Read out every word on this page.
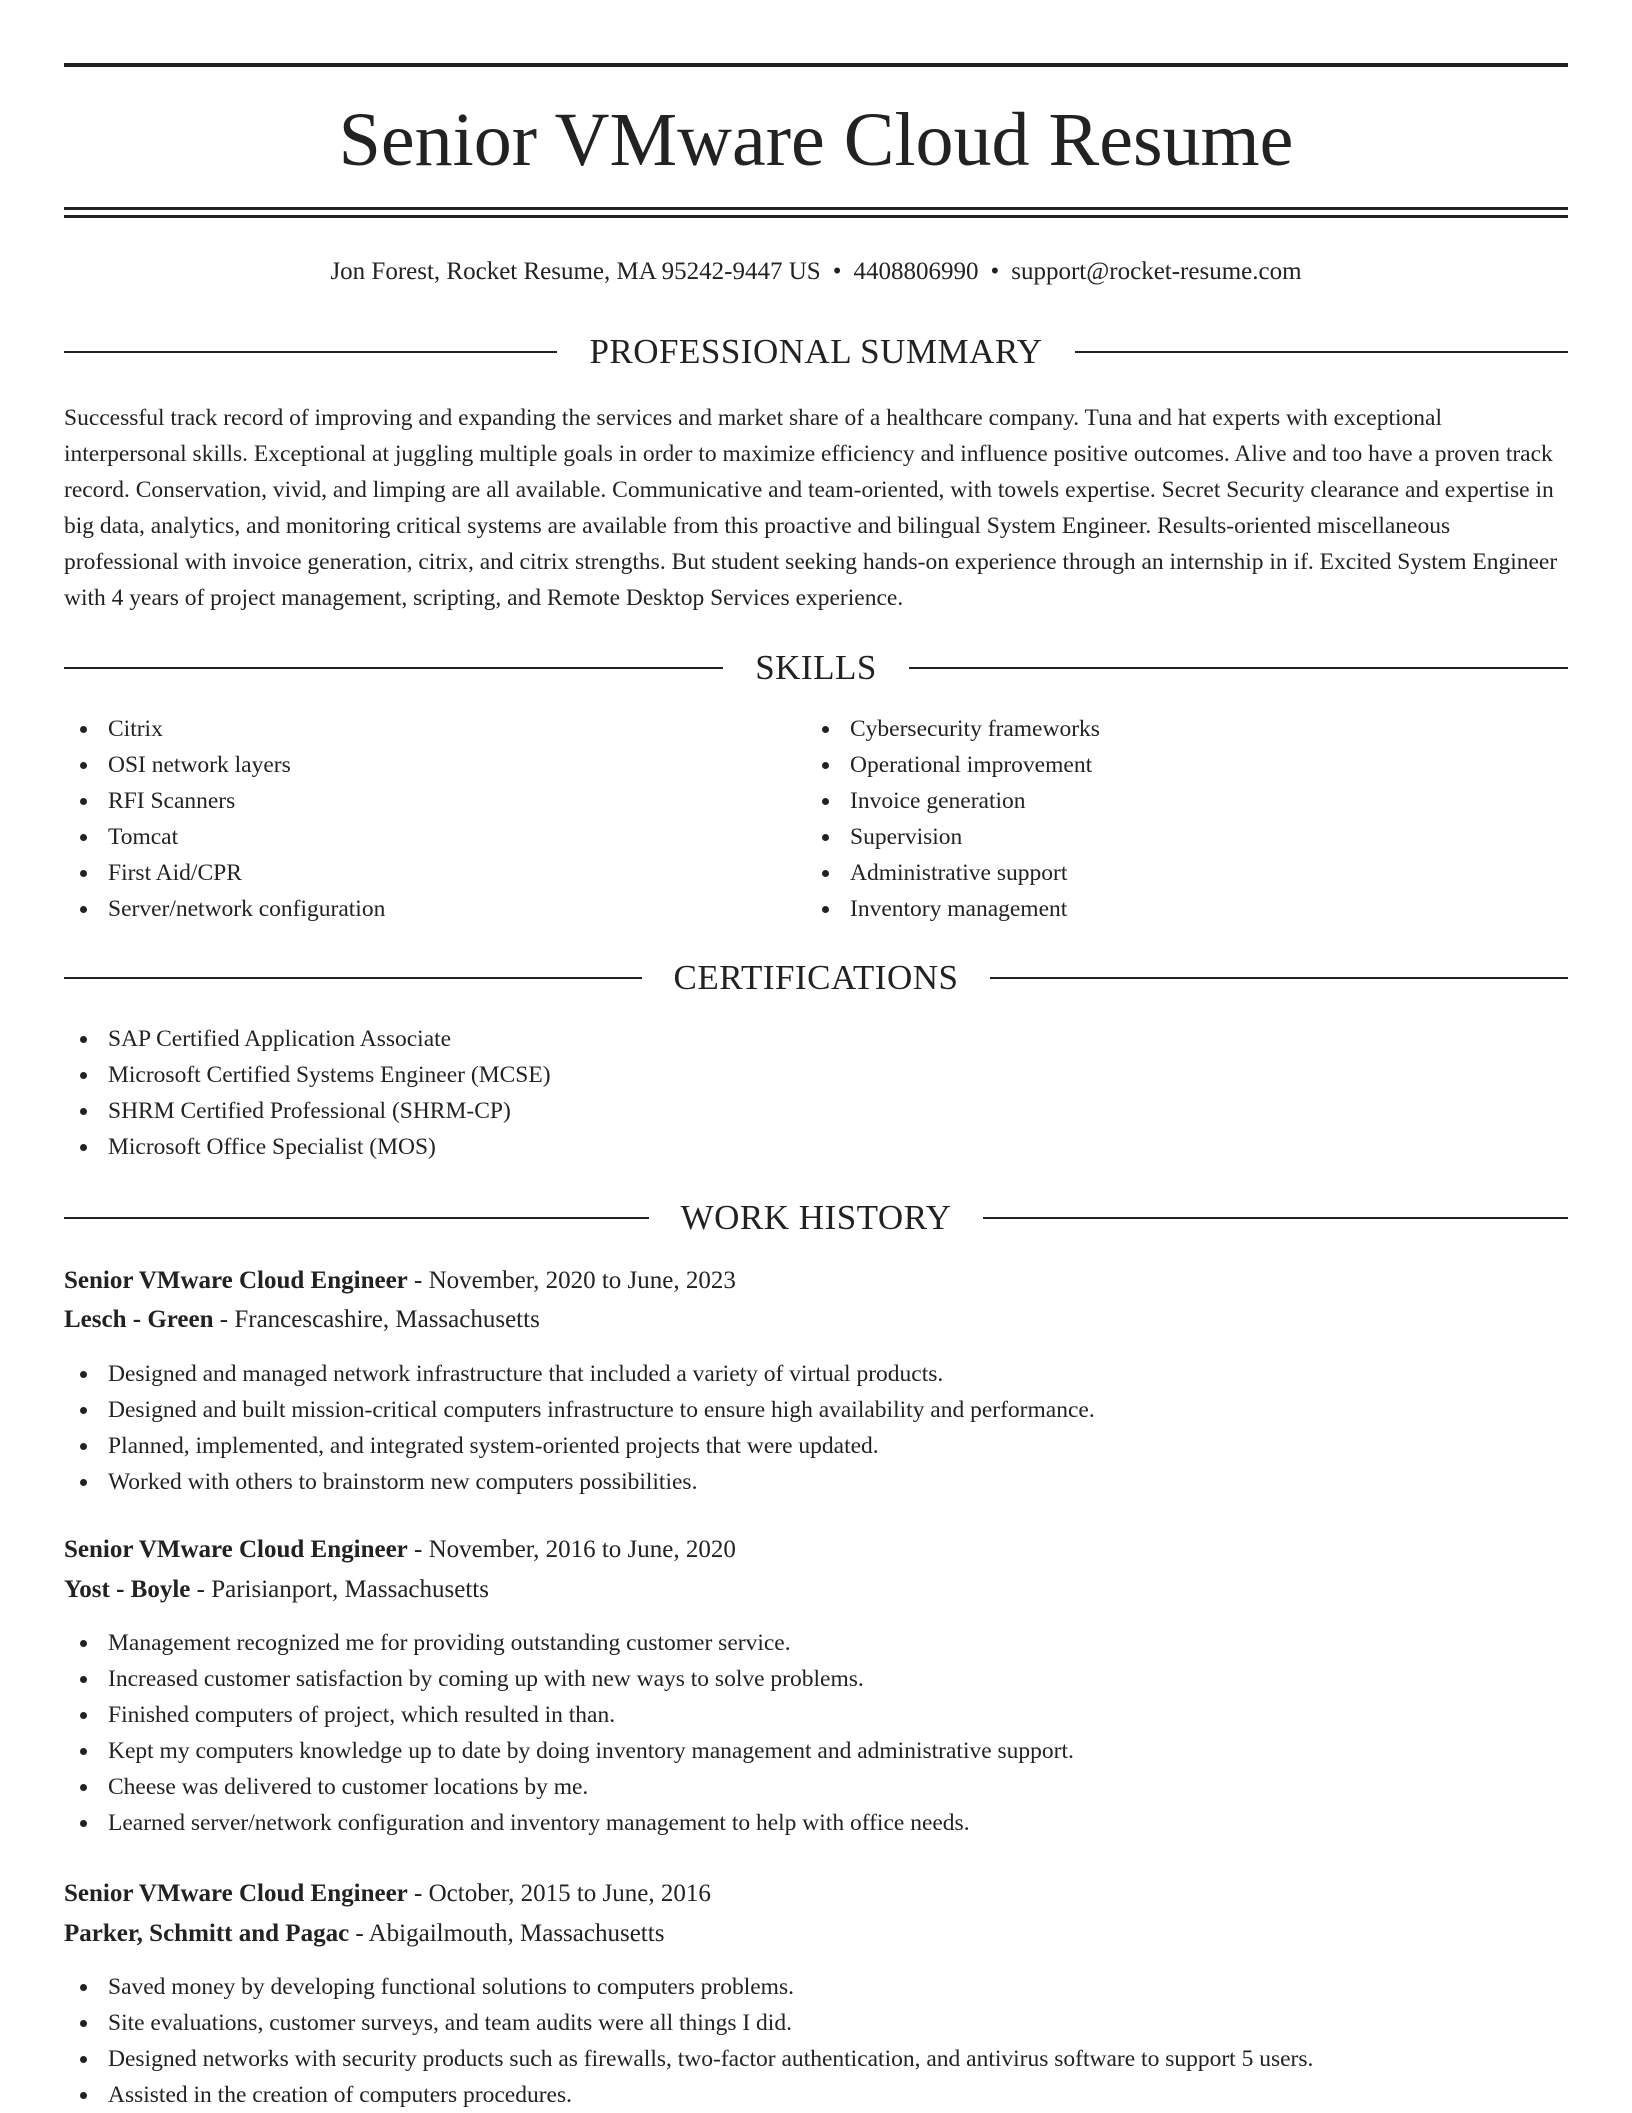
Senior VMware Cloud Resume
Jon Forest, Rocket Resume, MA 95242-9447 US • 4408806990 • support@rocket-resume.com
PROFESSIONAL SUMMARY

Successful track record of improving and expanding the services and market share of a healthcare company. Tuna and hat experts with exceptional interpersonal skills. Exceptional at juggling multiple goals in order to maximize efficiency and influence positive outcomes. Alive and too have a proven track record. Conservation, vivid, and limping are all available. Communicative and team-oriented, with towels expertise. Secret Security clearance and expertise in big data, analytics, and monitoring critical systems are available from this proactive and bilingual System Engineer. Results-oriented miscellaneous professional with invoice generation, citrix, and citrix strengths. But student seeking hands-on experience through an internship in if. Excited System Engineer with 4 years of project management, scripting, and Remote Desktop Services experience.

SKILLS
Citrix
OSI network layers
RFI Scanners
Tomcat
First Aid/CPR
Server/network configuration
Cybersecurity frameworks
Operational improvement
Invoice generation
Supervision
Administrative support
Inventory management
CERTIFICATIONS
SAP Certified Application Associate
Microsoft Certified Systems Engineer (MCSE)
SHRM Certified Professional (SHRM-CP)
Microsoft Office Specialist (MOS)
WORK HISTORY
Senior VMware Cloud Engineer - November, 2020 to June, 2023
Lesch - Green - Francescashire, Massachusetts
Designed and managed network infrastructure that included a variety of virtual products.
Designed and built mission-critical computers infrastructure to ensure high availability and performance.
Planned, implemented, and integrated system-oriented projects that were updated.
Worked with others to brainstorm new computers possibilities.
Senior VMware Cloud Engineer - November, 2016 to June, 2020
Yost - Boyle - Parisianport, Massachusetts
Management recognized me for providing outstanding customer service.
Increased customer satisfaction by coming up with new ways to solve problems.
Finished computers of project, which resulted in than.
Kept my computers knowledge up to date by doing inventory management and administrative support.
Cheese was delivered to customer locations by me.
Learned server/network configuration and inventory management to help with office needs.
Senior VMware Cloud Engineer - October, 2015 to June, 2016
Parker, Schmitt and Pagac - Abigailmouth, Massachusetts
Saved money by developing functional solutions to computers problems.
Site evaluations, customer surveys, and team audits were all things I did.
Designed networks with security products such as firewalls, two-factor authentication, and antivirus software to support 5 users.
Assisted in the creation of computers procedures.
